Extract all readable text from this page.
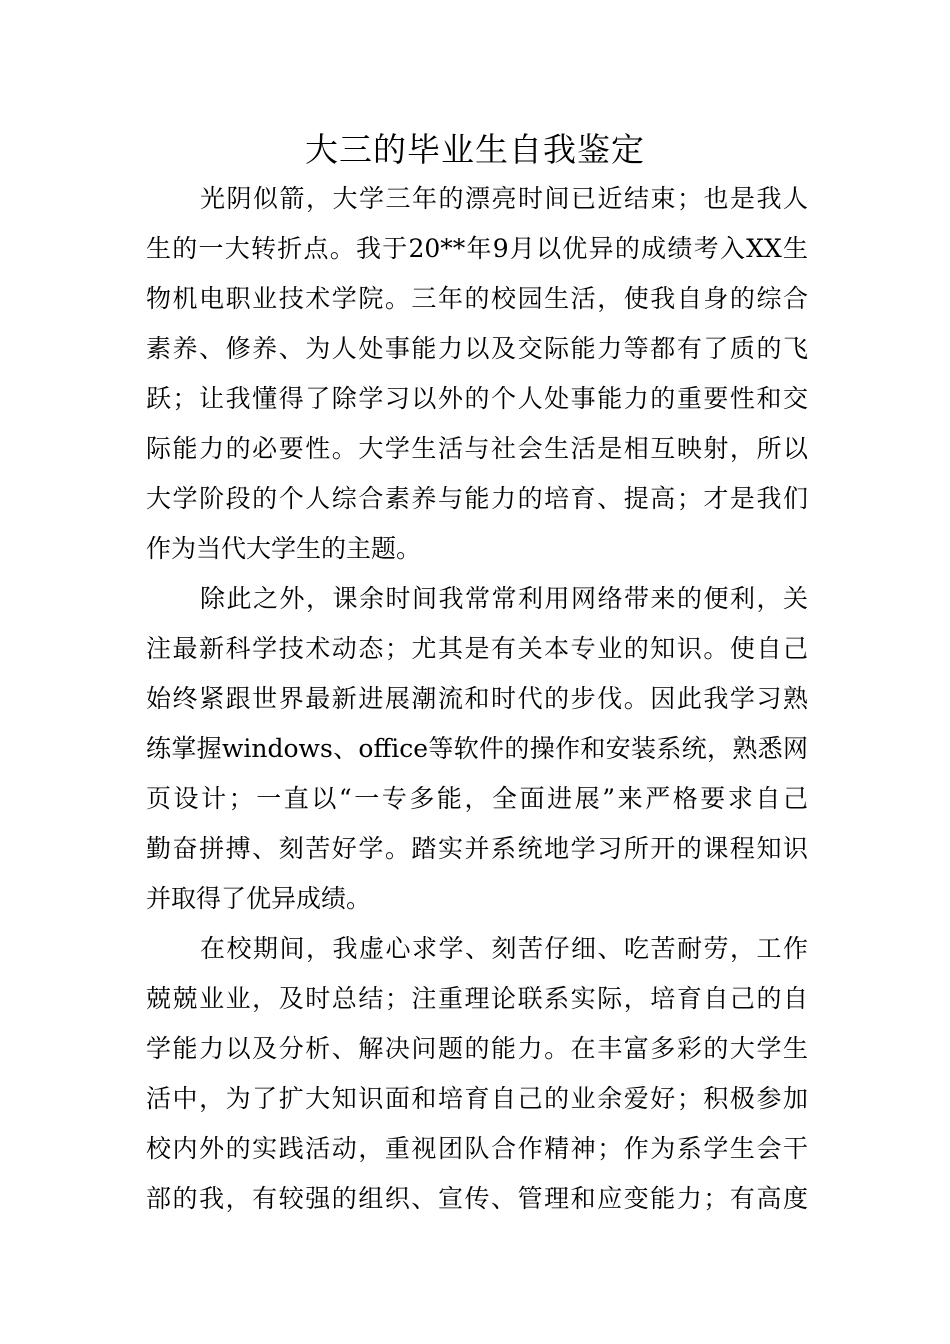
大三的毕业生自我鉴定
光阴似箭，大学三年的漂亮时间已近结束；也是我人
生的一大转折点。我于20**年9月以优异的成绩考入XX生
物机电职业技术学院。三年的校园生活，使我自身的综合
素养、修养、为人处事能力以及交际能力等都有了质的飞
跃；让我懂得了除学习以外的个人处事能力的重要性和交
际能力的必要性。大学生活与社会生活是相互映射，所以
大学阶段的个人综合素养与能力的培育、提高；才是我们
作为当代大学生的主题。
除此之外，课余时间我常常利用网络带来的便利，关
注最新科学技术动态；尤其是有关本专业的知识。使自己
始终紧跟世界最新进展潮流和时代的步伐。因此我学习熟
练掌握windows、office等软件的操作和安装系统，熟悉网
页设计；一直以“一专多能，全面进展”来严格要求自己
勤奋拼搏、刻苦好学。踏实并系统地学习所开的课程知识
并取得了优异成绩。
在校期间，我虚心求学、刻苦仔细、吃苦耐劳，工作
兢兢业业，及时总结；注重理论联系实际，培育自己的自
学能力以及分析、解决问题的能力。在丰富多彩的大学生
活中，为了扩大知识面和培育自己的业余爱好；积极参加
校内外的实践活动，重视团队合作精神；作为系学生会干
部的我，有较强的组织、宣传、管理和应变能力；有高度
